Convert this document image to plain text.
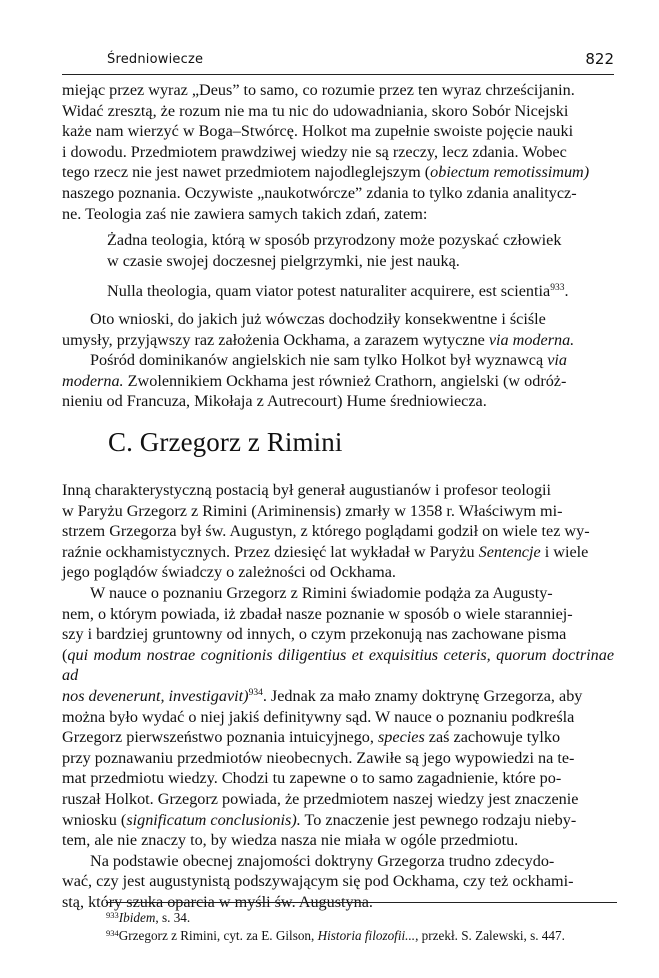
Średniowiecze	822

miejąc przez wyraz „Deus” to samo, co rozumie przez ten wyraz chrześcijanin.

Widać zresztą, że rozum nie ma tu nic do udowadniania, skoro Sobór Nicejski

każe nam wierzyć w Boga–Stwórcę. Holkot ma zupełnie swoiste pojęcie nauki

i dowodu. Przedmiotem prawdziwej wiedzy nie są rzeczy, lecz zdania. Wobec

tego rzecz nie jest nawet przedmiotem najodleglejszym (obiectum remotissimum)

naszego poznania. Oczywiste „naukotwórcze” zdania to tylko zdania analitycz-

ne. Teologia zaś nie zawiera samych takich zdań, zatem:

Żadna teologia, którą w sposób przyrodzony może pozyskać człowiek

w czasie swojej doczesnej pielgrzymki, nie jest nauką.

Nulla theologia, quam viator potest naturaliter acquirere, est scientia$^{933}$.

Oto wnioski, do jakich już wówczas dochodziły konsekwentne i ściśle

umysły, przyjąwszy raz założenia Ockhama, a zarazem wytyczne via moderna.

Pośród dominikanów angielskich nie sam tylko Holkot był wyznawcą via

moderna. Zwolennikiem Ockhama jest również Crathorn, angielski (w odróż-

nieniu od Francuza, Mikołaja z Autrecourt) Hume średniowiecza.

C. Grzegorz z Rimini

Inną charakterystyczną postacią był generał augustianów i profesor teologii

w Paryżu Grzegorz z Rimini (Ariminensis) zmarły w 1358 r. Właściwym mi-

strzem Grzegorza był św. Augustyn, z którego poglądami godził on wiele tez wy-

raźnie ockhamistycznych. Przez dziesięć lat wykładał w Paryżu Sentencje i wiele

jego poglądów świadczy o zależności od Ockhama.

W nauce o poznaniu Grzegorz z Rimini świadomie podąża za Augusty-

nem, o którym powiada, iż zbadał nasze poznanie w sposób o wiele staranniej-

szy i bardziej gruntowny od innych, o czym przekonują nas zachowane pisma

(qui modum nostrae cognitionis diligentius et exquisitius ceteris, quorum doctrinae ad

nos devenerunt, investigavit)$^{934}$. Jednak za mało znamy doktrynę Grzegorza, aby

można było wydać o niej jakiś definitywny sąd. W nauce o poznaniu podkreśla

Grzegorz pierwszeństwo poznania intuicyjnego, species zaś zachowuje tylko

przy poznawaniu przedmiotów nieobecnych. Zawiłe są jego wypowiedzi na te-

mat przedmiotu wiedzy. Chodzi tu zapewne o to samo zagadnienie, które po-

ruszał Holkot. Grzegorz powiada, że przedmiotem naszej wiedzy jest znaczenie

wniosku (significatum conclusionis). To znaczenie jest pewnego rodzaju nieby-

tem, ale nie znaczy to, by wiedza nasza nie miała w ogóle przedmiotu.

Na podstawie obecnej znajomości doktryny Grzegorza trudno zdecydo-

wać, czy jest augustynistą podszywającym się pod Ockhama, czy też ockhami-

stą, który szuka oparcia w myśli św. Augustyna.

$^{933}$Ibidem, s. 34.
$^{934}$Grzegorz z Rimini, cyt. za E. Gilson, Historia filozofii..., przekł. S. Zalewski, s. 447.
